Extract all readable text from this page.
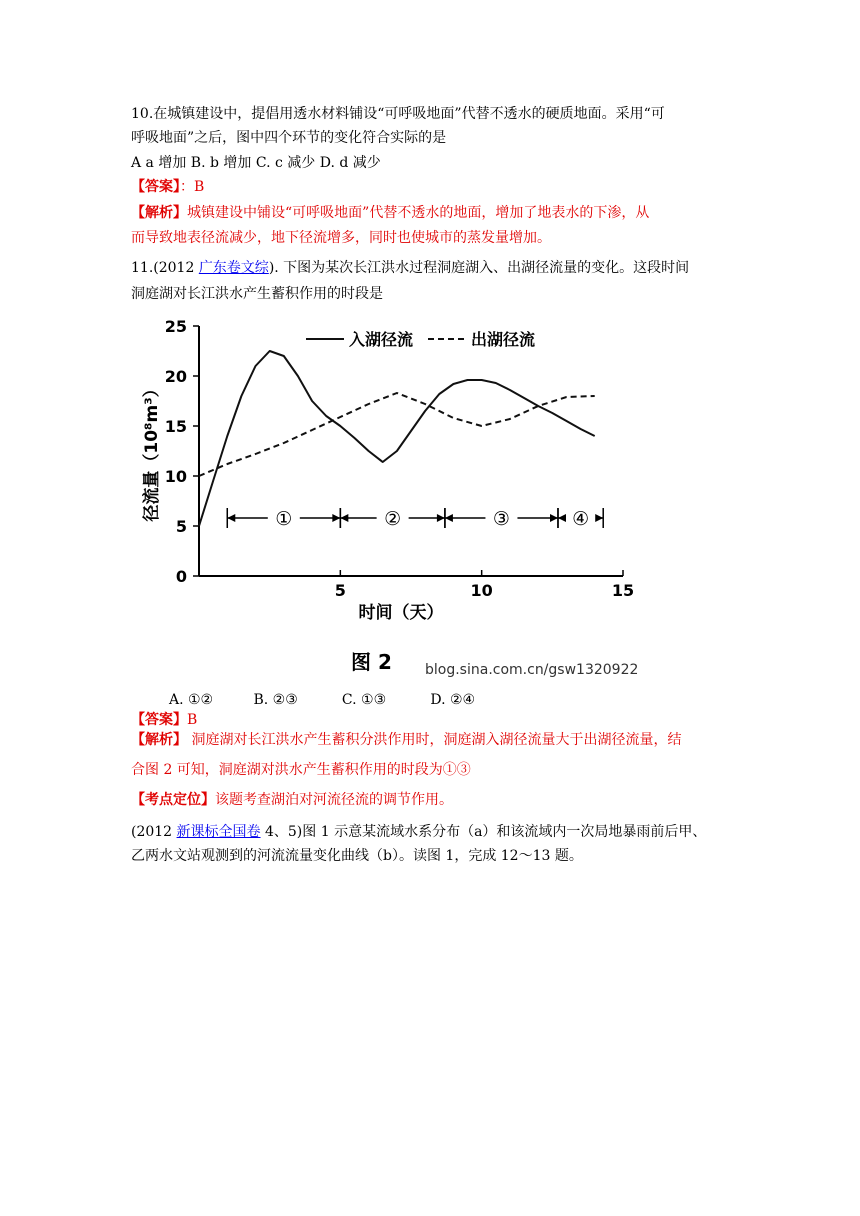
10.在城镇建设中，提倡用透水材料铺设“可呼吸地面”代替不透水的硬质地面。采用“可
呼吸地面”之后，图中四个环节的变化符合实际的是
A a 增加 B. b 增加 C. c 减少 D. d 减少
【答案】：B
【解析】城镇建设中铺设“可呼吸地面”代替不透水的地面，增加了地表水的下渗，从
而导致地表径流减少，地下径流增多，同时也使城市的蒸发量增加。
11.(2012 广东卷文综). 下图为某次长江洪水过程洞庭湖入、出湖径流量的变化。这段时间
洞庭湖对长江洪水产生蓄积作用的时段是
0
5
10
15
20
25
5	10	15
时间（天）
径流量（10⁸m³）	①	②	③	④
入湖径流	出湖径流
图 2 blog.sina.com.cn/gsw1320922
A. ①②	B. ②③	C. ①③	D. ②④
【答案】B
【解析】 洞庭湖对长江洪水产生蓄积分洪作用时，洞庭湖入湖径流量大于出湖径流量，结
合图 2 可知，洞庭湖对洪水产生蓄积作用的时段为①③
【考点定位】该题考查湖泊对河流径流的调节作用。
(2012 新课标全国卷 4、5)图 1 示意某流域水系分布（a）和该流域内一次局地暴雨前后甲、
乙两水文站观测到的河流流量变化曲线（b）。读图 1，完成 12～13 题。
